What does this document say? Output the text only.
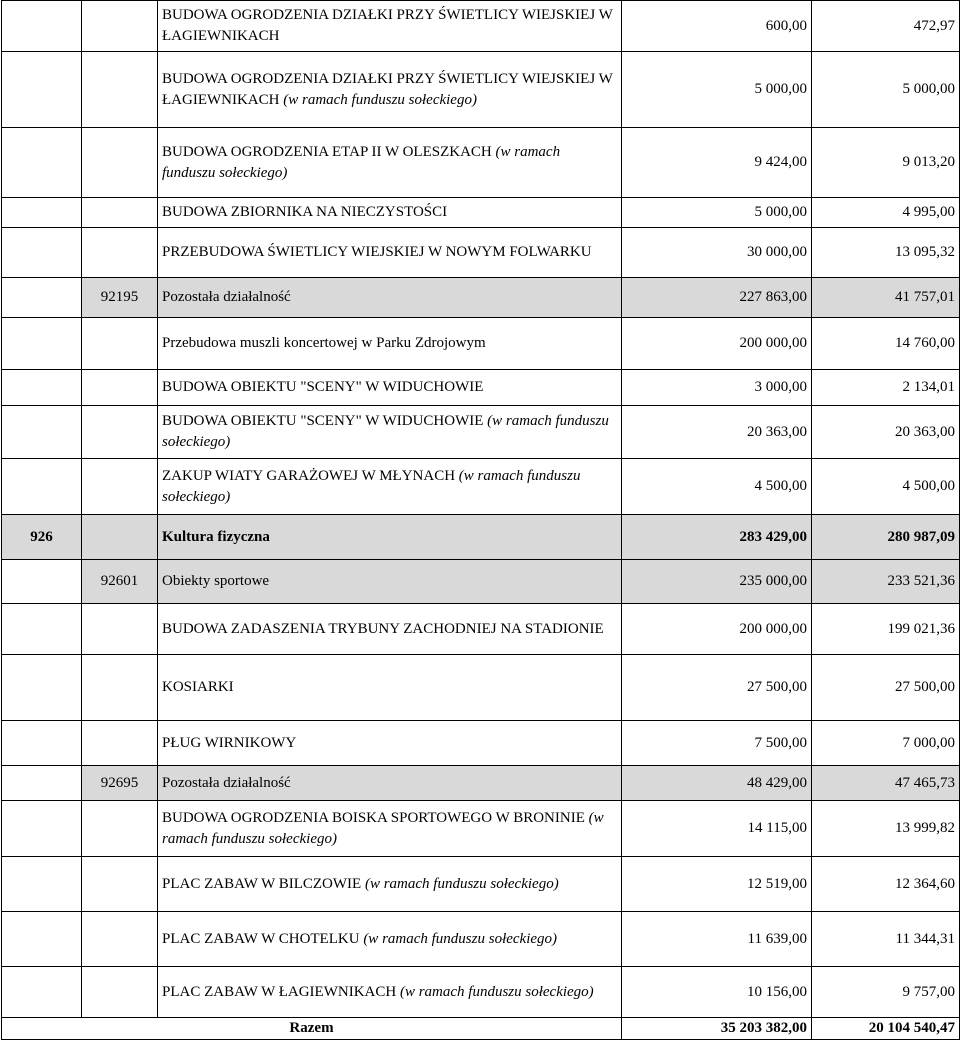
		BUDOWA OGRODZENIA DZIAŁKI PRZY ŚWIETLICY WIEJSKIEJ W ŁAGIEWNIKACH	600,00	472,97
		BUDOWA OGRODZENIA DZIAŁKI PRZY ŚWIETLICY WIEJSKIEJ W ŁAGIEWNIKACH (w ramach funduszu sołeckiego)	5 000,00	5 000,00
		BUDOWA OGRODZENIA ETAP II W OLESZKACH (w ramach funduszu sołeckiego)	9 424,00	9 013,20
		BUDOWA ZBIORNIKA NA NIECZYSTOŚCI	5 000,00	4 995,00
		PRZEBUDOWA ŚWIETLICY WIEJSKIEJ W NOWYM FOLWARKU	30 000,00	13 095,32
	92195	Pozostała działalność	227 863,00	41 757,01
		Przebudowa muszli koncertowej w Parku Zdrojowym	200 000,00	14 760,00
		BUDOWA OBIEKTU "SCENY" W WIDUCHOWIE	3 000,00	2 134,01
		BUDOWA OBIEKTU "SCENY" W WIDUCHOWIE (w ramach funduszu sołeckiego)	20 363,00	20 363,00
		ZAKUP WIATY GARAŻOWEJ W MŁYNACH (w ramach funduszu sołeckiego)	4 500,00	4 500,00
926		Kultura fizyczna	283 429,00	280 987,09
	92601	Obiekty sportowe	235 000,00	233 521,36
		BUDOWA ZADASZENIA TRYBUNY ZACHODNIEJ NA STADIONIE	200 000,00	199 021,36
		KOSIARKI	27 500,00	27 500,00
		PŁUG WIRNIKOWY	7 500,00	7 000,00
	92695	Pozostała działalność	48 429,00	47 465,73
		BUDOWA OGRODZENIA BOISKA SPORTOWEGO W BRONINIE (w ramach funduszu sołeckiego)	14 115,00	13 999,82
		PLAC ZABAW W BILCZOWIE (w ramach funduszu sołeckiego)	12 519,00	12 364,60
		PLAC ZABAW W CHOTELKU (w ramach funduszu sołeckiego)	11 639,00	11 344,31
		PLAC ZABAW W ŁAGIEWNIKACH (w ramach funduszu sołeckiego)	10 156,00	9 757,00
Razem			35 203 382,00	20 104 540,47
